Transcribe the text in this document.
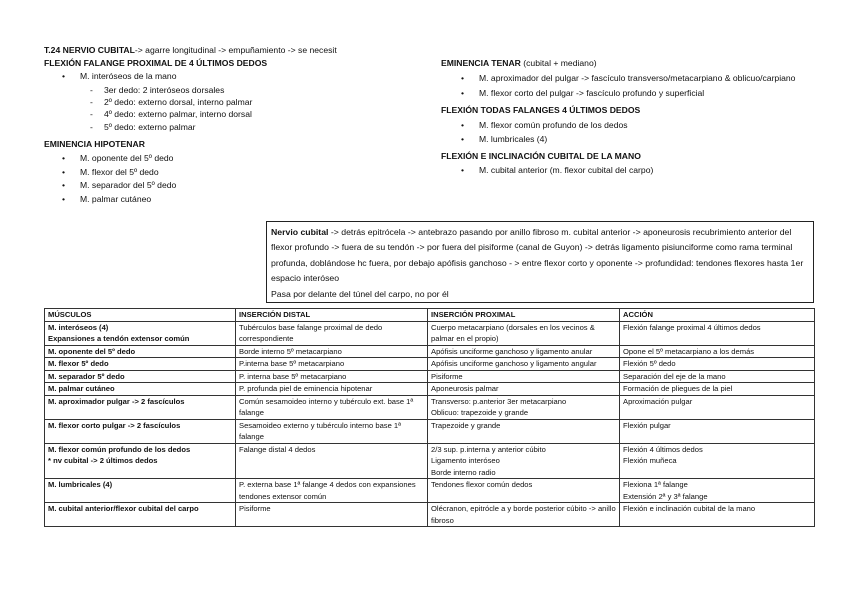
T.24 NERVIO CUBITAL-> agarre longitudinal -> empuñamiento -> se necesit
FLEXIÓN FALANGE PROXIMAL DE 4 ÚLTIMOS DEDOS
• M. interóseos de la mano
- 3er dedo: 2 interóseos dorsales
- 2º dedo: externo dorsal, interno palmar
- 4º dedo: externo palmar, interno dorsal
- 5º dedo: externo palmar
EMINENCIA HIPOTENAR
• M. oponente del 5º dedo
• M. flexor del 5º dedo
• M. separador del 5º dedo
• M. palmar cutáneo
EMINENCIA TENAR (cubital + mediano)
• M. aproximador del pulgar -> fascículo transverso/metacarpiano & oblicuo/carpiano
• M. flexor corto del pulgar -> fascículo profundo y superficial
FLEXIÓN TODAS FALANGES 4 ÚLTIMOS DEDOS
• M. flexor común profundo de los dedos
• M. lumbricales (4)
FLEXIÓN E INCLINACIÓN CUBITAL DE LA MANO
• M. cubital anterior (m. flexor cubital del carpo)
Nervio cubital -> detrás epitrócela -> antebrazo pasando por anillo fibroso m. cubital anterior -> aponeurosis recubrimiento anterior del flexor profundo -> fuera de su tendón -> por fuera del pisiforme (canal de Guyon) -> detrás ligamento pisiunciforme como rama terminal profunda, doblándose hc fuera, por debajo apófisis ganchoso - > entre flexor corto y oponente -> profundidad: tendones flexores hasta 1er espacio interóseo
Pasa por delante del túnel del carpo, no por él
MÚSCULOS	INSERCIÓN DISTAL	INSERCIÓN PROXIMAL	ACCIÓN
M. interóseos (4)
Expansiones a tendón extensor común	Tubérculos base falange proximal de dedo correspondiente	Cuerpo metacarpiano (dorsales en los vecinos & palmar en el propio)	Flexión falange proximal 4 últimos dedos
M. oponente del 5º dedo	Borde interno 5º metacarpiano	Apófisis unciforme ganchoso y ligamento anular	Opone el 5º metacarpiano a los demás
M. flexor 5º dedo	P.interna base 5º metacarpiano	Apófisis unciforme ganchoso y ligamento angular	Flexión 5º dedo
M. separador 5º dedo	P. interna base 5º metacarpiano	Pisiforme	Separación del eje de la mano
M. palmar cutáneo	P. profunda piel de eminencia hipotenar	Aponeurosis palmar	Formación de pliegues de la piel
M. aproximador pulgar -> 2 fascículos	Común sesamoideo interno y tubérculo ext. base 1ª falange	Transverso: p.anterior 3er metacarpiano
Oblicuo: trapezoide y grande	Aproximación pulgar
M. flexor corto pulgar -> 2 fascículos	Sesamoideo externo y tubérculo interno base 1ª falange	Trapezoide y grande	Flexión pulgar
M. flexor común profundo de los dedos
* nv cubital -> 2 últimos dedos	Falange distal 4 dedos	2/3 sup. p.interna y anterior cúbito
Ligamento interóseo
Borde interno radio	Flexión 4 últimos dedos
Flexión muñeca
M. lumbricales (4)	P. externa base 1ª falange 4 dedos con expansiones tendones extensor común	Tendones flexor común dedos	Flexiona 1ª falange
Extensión 2ª y 3ª falange
M. cubital anterior/flexor cubital del carpo	Pisiforme	Olécranon, epitrócle a y borde posterior cúbito -> anillo fibroso	Flexión e inclinación cubital de la mano
